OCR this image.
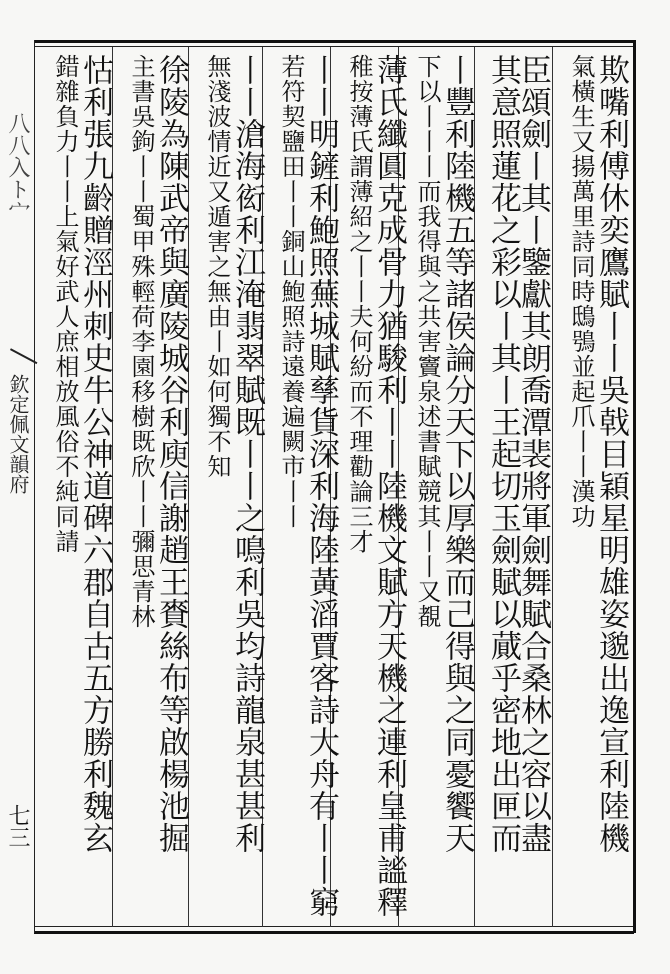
八八入ト宀
欽定佩文韻府
七三	欺嘴利傅休奕鷹賦丨丨吳戟目穎星明雄姿邈出逸宣利陸機
氣橫生又揚萬里詩同時鴟鴞並起爪丨丨漢功
臣頌劍丨其丨鑒獻其朗喬潭裴將軍劍舞賦合桑林之容以盡
其意照蓮花之彩以丨其丨王起切玉劍賦以蕆乎密地出匣而
丨豐利陸機五等諸侯論分天下以厚樂而己得與之同憂饗天
下以丨丨丨而我得與之共害竇泉述書賦競其丨丨又覩
薄氏纖圓克成骨力猶駿利丨丨陸機文賦方天機之連利皇甫謐釋
稚按薄氏謂薄紹之丨丨夫何紛而不理勸論三才
丨丨明鏟利鮑照蕪城賦孳貨深利海陸黃滔賈客詩大舟有丨丨窮
若符契鹽田丨丨銅山鮑照詩遠養遍闕市丨丨
丨丨滄海衒利江淹翡翠賦既丨丨之鳴利吳均詩龍泉甚甚利
無淺波情近又遁害之無由丨如何獨不知
徐陵為陳武帝與廣陵城谷利庾信謝趙王賚絲布等啟楊池掘
主書吳鉤丨丨蜀甲殊輕荷李園移樹既欣丨丨彌思青林
怙利張九齡贈涇州刺史牛公神道碑六郡自古五方勝利魏玄
錯雜負力丨丨上氣好武人庶相放風俗不純同請
